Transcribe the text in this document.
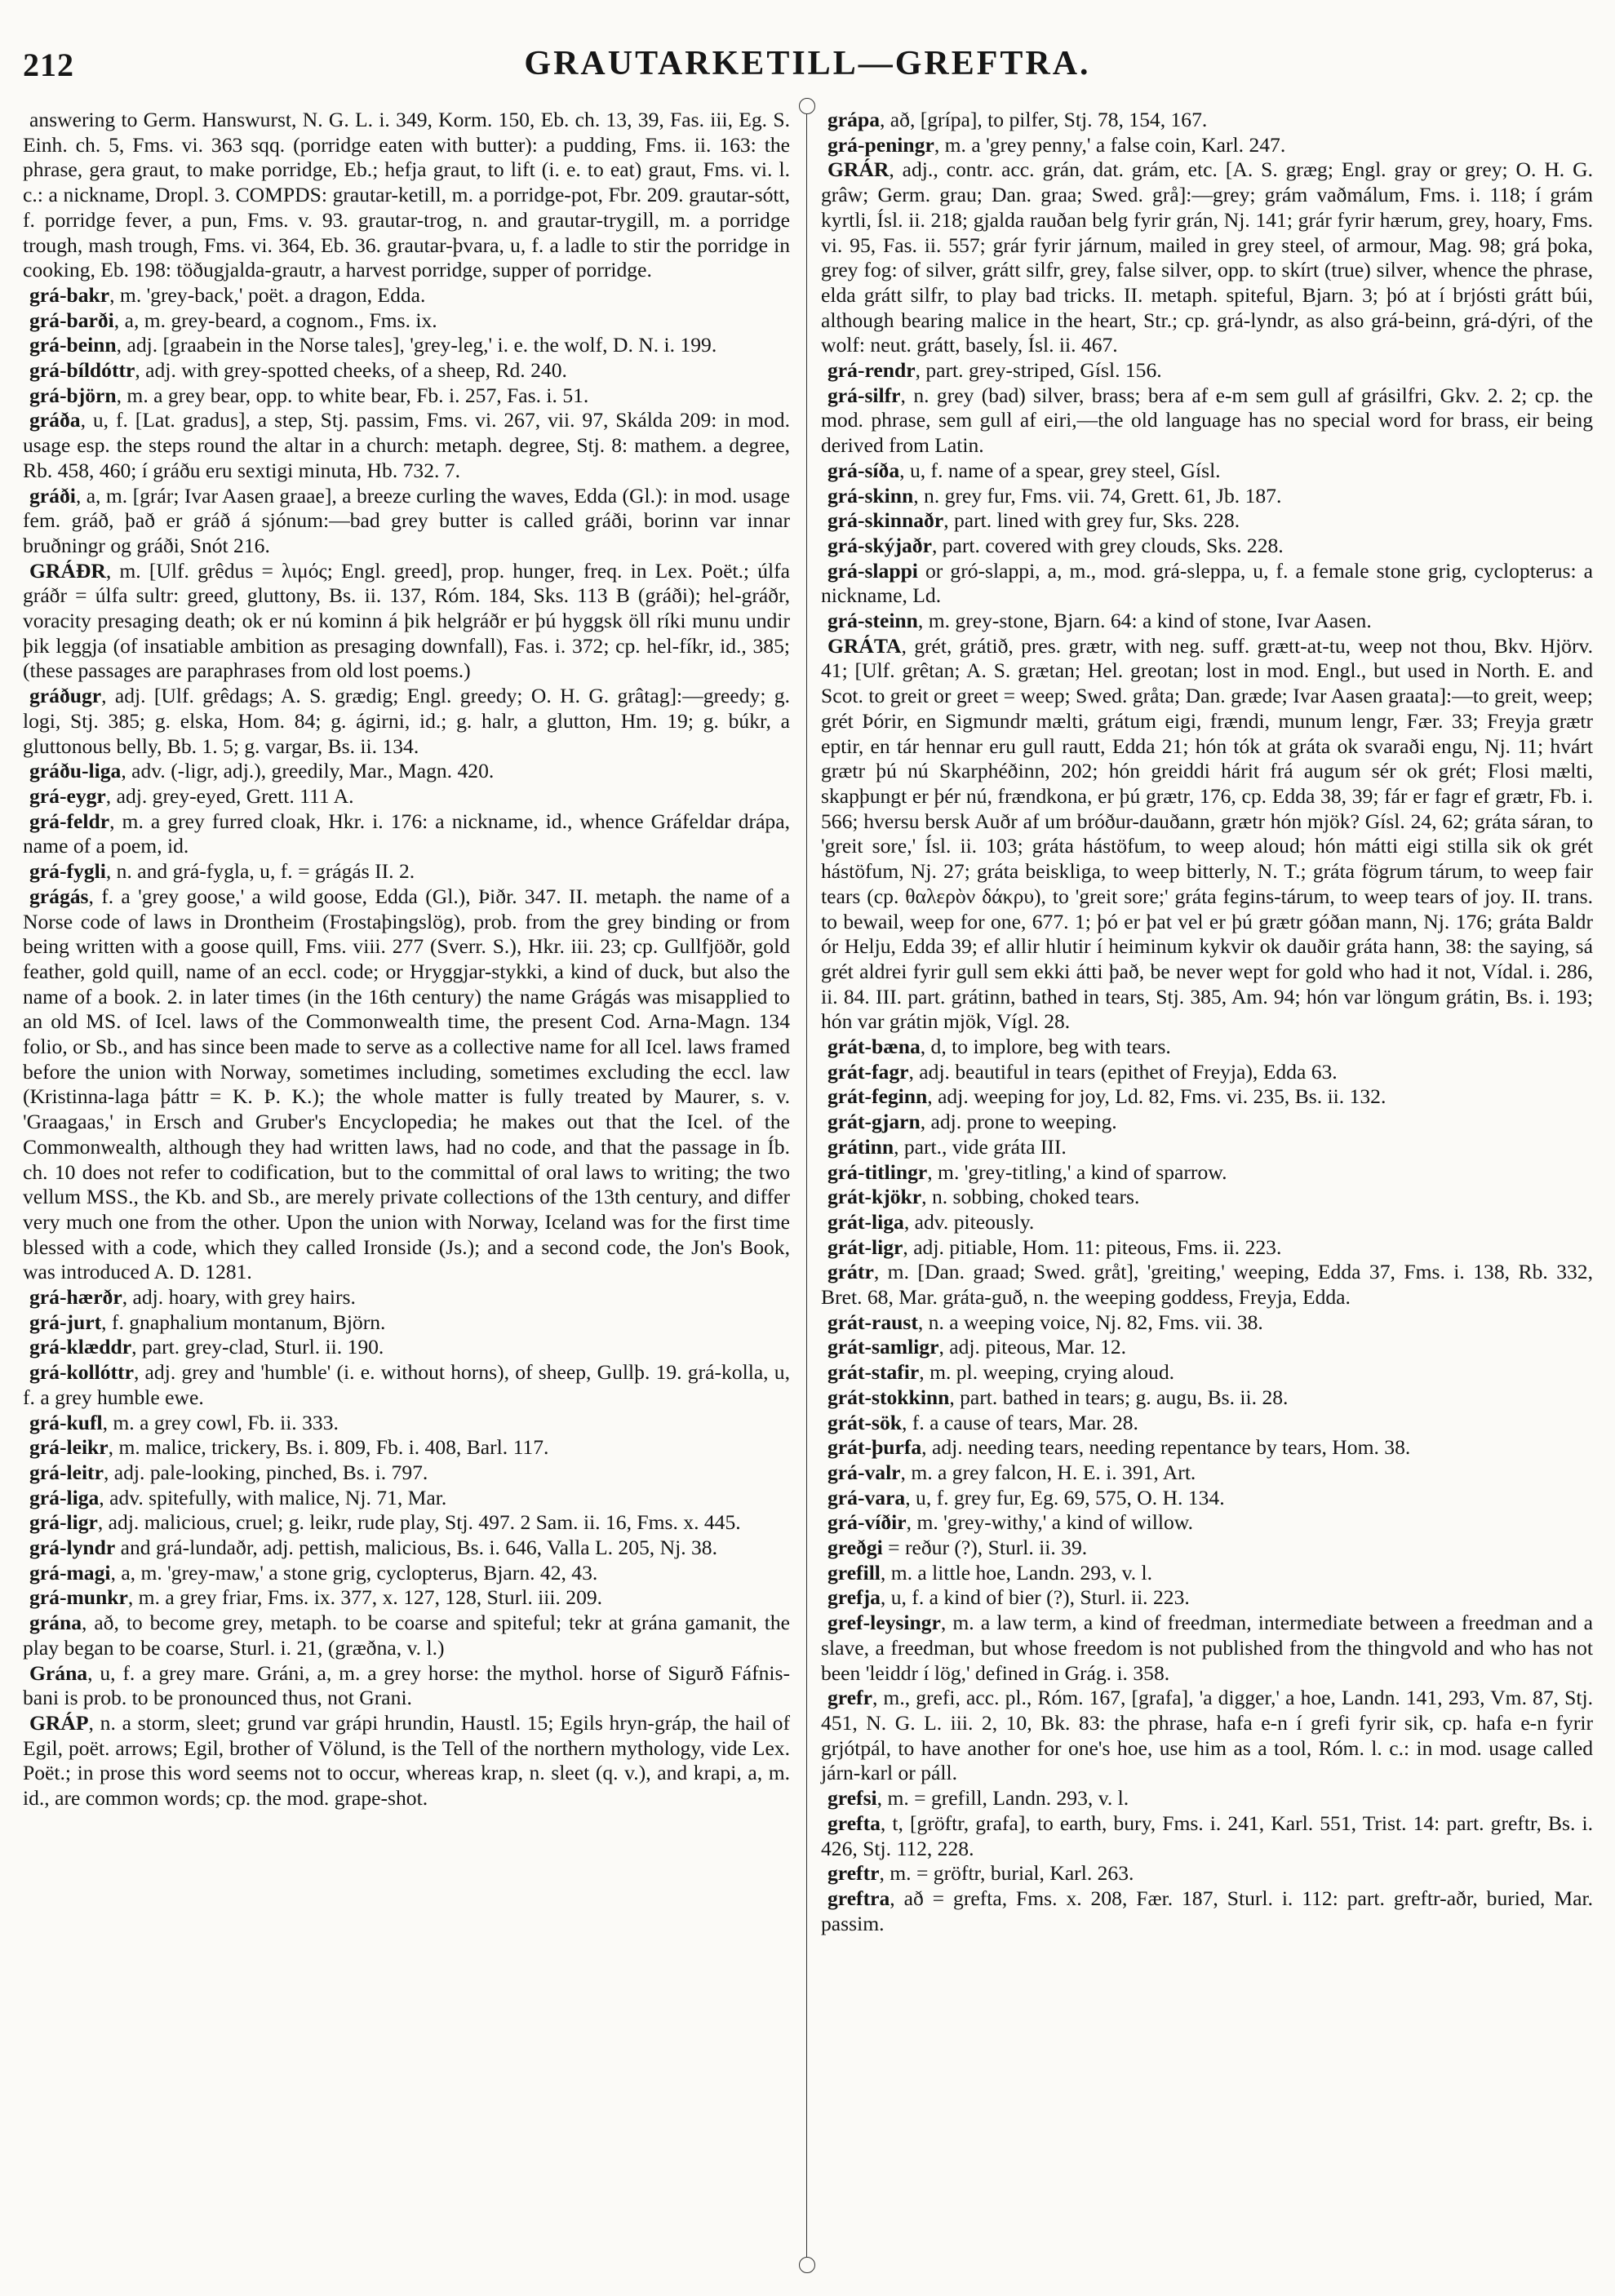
212	GRAUTARKETILL—GREFTRA.

answering to Germ. Hanswurst, N. G. L. i. 349, Korm. 150, Eb. ch. 13, 39, Fas. iii, Eg. S. Einh. ch. 5, Fms. vi. 363 sqq. (porridge eaten with butter): a pudding, Fms. ii. 163: the phrase, gera graut, to make porridge, Eb.; hefja graut, to lift (i. e. to eat) graut, Fms. vi. l. c.: a nickname, Dropl. 3. COMPDS: grautar-ketill, m. a porridge-pot, Fbr. 209. grautar-sótt, f. porridge fever, a pun, Fms. v. 93. grautar-trog, n. and grautar-trygill, m. a porridge trough, mash trough, Fms. vi. 364, Eb. 36. grautar-þvara, u, f. a ladle to stir the porridge in cooking, Eb. 198: töðugjalda-grautr, a harvest porridge, supper of porridge.

grá-bakr, m. 'grey-back,' poët. a dragon, Edda.

grá-barði, a, m. grey-beard, a cognom., Fms. ix.

grá-beinn, adj. [graabein in the Norse tales], 'grey-leg,' i. e. the wolf, D. N. i. 199.

grá-bíldóttr, adj. with grey-spotted cheeks, of a sheep, Rd. 240.

grá-björn, m. a grey bear, opp. to white bear, Fb. i. 257, Fas. i. 51.

gráða, u, f. [Lat. gradus], a step, Stj. passim, Fms. vi. 267, vii. 97, Skálda 209: in mod. usage esp. the steps round the altar in a church: metaph. degree, Stj. 8: mathem. a degree, Rb. 458, 460; í gráðu eru sextigi minuta, Hb. 732. 7.

gráði, a, m. [grár; Ivar Aasen graae], a breeze curling the waves, Edda (Gl.): in mod. usage fem. gráð, það er gráð á sjónum:—bad grey butter is called gráði, borinn var innar bruðningr og gráði, Snót 216.

GRÁÐR, m. [Ulf. grêdus = λιμός; Engl. greed], prop. hunger, freq. in Lex. Poët.; úlfa gráðr = úlfa sultr: greed, gluttony, Bs. ii. 137, Róm. 184, Sks. 113 B (gráði); hel-gráðr, voracity presaging death; ok er nú kominn á þik helgráðr er þú hyggsk öll ríki munu undir þik leggja (of insatiable ambition as presaging downfall), Fas. i. 372; cp. hel-fíkr, id., 385; (these passages are paraphrases from old lost poems.)

gráðugr, adj. [Ulf. grêdags; A. S. grædig; Engl. greedy; O. H. G. grâtag]:—greedy; g. logi, Stj. 385; g. elska, Hom. 84; g. ágirni, id.; g. halr, a glutton, Hm. 19; g. búkr, a gluttonous belly, Bb. 1. 5; g. vargar, Bs. ii. 134.

gráðu-liga, adv. (-ligr, adj.), greedily, Mar., Magn. 420.

grá-eygr, adj. grey-eyed, Grett. 111 A.

grá-feldr, m. a grey furred cloak, Hkr. i. 176: a nickname, id., whence Gráfeldar drápa, name of a poem, id.

grá-fygli, n. and grá-fygla, u, f. = grágás II. 2.

grágás, f. a 'grey goose,' a wild goose, Edda (Gl.), Þiðr. 347. II. metaph. the name of a Norse code of laws in Drontheim (Frostaþingslög), prob. from the grey binding or from being written with a goose quill, Fms. viii. 277 (Sverr. S.), Hkr. iii. 23; cp. Gullfjöðr, gold feather, gold quill, name of an eccl. code; or Hryggjar-stykki, a kind of duck, but also the name of a book. 2. in later times (in the 16th century) the name Grágás was misapplied to an old MS. of Icel. laws of the Commonwealth time, the present Cod. Arna-Magn. 134 folio, or Sb., and has since been made to serve as a collective name for all Icel. laws framed before the union with Norway, sometimes including, sometimes excluding the eccl. law (Kristinna-laga þáttr = K. Þ. K.); the whole matter is fully treated by Maurer, s. v. 'Graagaas,' in Ersch and Gruber's Encyclopedia; he makes out that the Icel. of the Commonwealth, although they had written laws, had no code, and that the passage in Íb. ch. 10 does not refer to codification, but to the committal of oral laws to writing; the two vellum MSS., the Kb. and Sb., are merely private collections of the 13th century, and differ very much one from the other. Upon the union with Norway, Iceland was for the first time blessed with a code, which they called Ironside (Js.); and a second code, the Jon's Book, was introduced A. D. 1281.

grá-hærðr, adj. hoary, with grey hairs.

grá-jurt, f. gnaphalium montanum, Björn.

grá-klæddr, part. grey-clad, Sturl. ii. 190.

grá-kollóttr, adj. grey and 'humble' (i. e. without horns), of sheep, Gullþ. 19. grá-kolla, u, f. a grey humble ewe.

grá-kufl, m. a grey cowl, Fb. ii. 333.

grá-leikr, m. malice, trickery, Bs. i. 809, Fb. i. 408, Barl. 117.

grá-leitr, adj. pale-looking, pinched, Bs. i. 797.

grá-liga, adv. spitefully, with malice, Nj. 71, Mar.

grá-ligr, adj. malicious, cruel; g. leikr, rude play, Stj. 497. 2 Sam. ii. 16, Fms. x. 445.

grá-lyndr and grá-lundaðr, adj. pettish, malicious, Bs. i. 646, Valla L. 205, Nj. 38.

grá-magi, a, m. 'grey-maw,' a stone grig, cyclopterus, Bjarn. 42, 43.

grá-munkr, m. a grey friar, Fms. ix. 377, x. 127, 128, Sturl. iii. 209.

grána, að, to become grey, metaph. to be coarse and spiteful; tekr at grána gamanit, the play began to be coarse, Sturl. i. 21, (græðna, v. l.)

Grána, u, f. a grey mare. Gráni, a, m. a grey horse: the mythol. horse of Sigurð Fáfnis-bani is prob. to be pronounced thus, not Grani.

GRÁP, n. a storm, sleet; grund var grápi hrundin, Haustl. 15; Egils hryn-gráp, the hail of Egil, poët. arrows; Egil, brother of Völund, is the Tell of the northern mythology, vide Lex. Poët.; in prose this word seems not to occur, whereas krap, n. sleet (q. v.), and krapi, a, m. id., are common words; cp. the mod. grape-shot.

grápa, að, [grípa], to pilfer, Stj. 78, 154, 167.

grá-peningr, m. a 'grey penny,' a false coin, Karl. 247.

GRÁR, adj., contr. acc. grán, dat. grám, etc. [A. S. græg; Engl. gray or grey; O. H. G. grâw; Germ. grau; Dan. graa; Swed. grå]:—grey; grám vaðmálum, Fms. i. 118; í grám kyrtli, Ísl. ii. 218; gjalda rauðan belg fyrir grán, Nj. 141; grár fyrir hærum, grey, hoary, Fms. vi. 95, Fas. ii. 557; grár fyrir járnum, mailed in grey steel, of armour, Mag. 98; grá þoka, grey fog: of silver, grátt silfr, grey, false silver, opp. to skírt (true) silver, whence the phrase, elda grátt silfr, to play bad tricks. II. metaph. spiteful, Bjarn. 3; þó at í brjósti grátt búi, although bearing malice in the heart, Str.; cp. grá-lyndr, as also grá-beinn, grá-dýri, of the wolf: neut. grátt, basely, Ísl. ii. 467.

grá-rendr, part. grey-striped, Gísl. 156.

grá-silfr, n. grey (bad) silver, brass; bera af e-m sem gull af grásilfri, Gkv. 2. 2; cp. the mod. phrase, sem gull af eiri,—the old language has no special word for brass, eir being derived from Latin.

grá-síða, u, f. name of a spear, grey steel, Gísl.

grá-skinn, n. grey fur, Fms. vii. 74, Grett. 61, Jb. 187.

grá-skinnaðr, part. lined with grey fur, Sks. 228.

grá-skýjaðr, part. covered with grey clouds, Sks. 228.

grá-slappi or gró-slappi, a, m., mod. grá-sleppa, u, f. a female stone grig, cyclopterus: a nickname, Ld.

grá-steinn, m. grey-stone, Bjarn. 64: a kind of stone, Ivar Aasen.

GRÁTA, grét, grátið, pres. grætr, with neg. suff. grætt-at-tu, weep not thou, Bkv. Hjörv. 41; [Ulf. grêtan; A. S. grætan; Hel. greotan; lost in mod. Engl., but used in North. E. and Scot. to greit or greet = weep; Swed. gråta; Dan. græde; Ivar Aasen graata]:—to greit, weep; grét Þórir, en Sigmundr mælti, grátum eigi, frændi, munum lengr, Fær. 33; Freyja grætr eptir, en tár hennar eru gull rautt, Edda 21; hón tók at gráta ok svaraði engu, Nj. 11; hvárt grætr þú nú Skarphéðinn, 202; hón greiddi hárit frá augum sér ok grét; Flosi mælti, skapþungt er þér nú, frændkona, er þú grætr, 176, cp. Edda 38, 39; fár er fagr ef grætr, Fb. i. 566; hversu bersk Auðr af um bróður-dauðann, grætr hón mjök? Gísl. 24, 62; gráta sáran, to 'greit sore,' Ísl. ii. 103; gráta hástöfum, to weep aloud; hón mátti eigi stilla sik ok grét hástöfum, Nj. 27; gráta beiskliga, to weep bitterly, N. T.; gráta fögrum tárum, to weep fair tears (cp. θαλερὸν δάκρυ), to 'greit sore;' gráta fegins-tárum, to weep tears of joy. II. trans. to bewail, weep for one, 677. 1; þó er þat vel er þú grætr góðan mann, Nj. 176; gráta Baldr ór Helju, Edda 39; ef allir hlutir í heiminum kykvir ok dauðir gráta hann, 38: the saying, sá grét aldrei fyrir gull sem ekki átti það, be never wept for gold who had it not, Vídal. i. 286, ii. 84. III. part. grátinn, bathed in tears, Stj. 385, Am. 94; hón var löngum grátin, Bs. i. 193; hón var grátin mjök, Vígl. 28.

grát-bæna, d, to implore, beg with tears.

grát-fagr, adj. beautiful in tears (epithet of Freyja), Edda 63.

grát-feginn, adj. weeping for joy, Ld. 82, Fms. vi. 235, Bs. ii. 132.

grát-gjarn, adj. prone to weeping.

grátinn, part., vide gráta III.

grá-titlingr, m. 'grey-titling,' a kind of sparrow.

grát-kjökr, n. sobbing, choked tears.

grát-liga, adv. piteously.

grát-ligr, adj. pitiable, Hom. 11: piteous, Fms. ii. 223.

grátr, m. [Dan. graad; Swed. gråt], 'greiting,' weeping, Edda 37, Fms. i. 138, Rb. 332, Bret. 68, Mar. gráta-guð, n. the weeping goddess, Freyja, Edda.

grát-raust, n. a weeping voice, Nj. 82, Fms. vii. 38.

grát-samligr, adj. piteous, Mar. 12.

grát-stafir, m. pl. weeping, crying aloud.

grát-stokkinn, part. bathed in tears; g. augu, Bs. ii. 28.

grát-sök, f. a cause of tears, Mar. 28.

grát-þurfa, adj. needing tears, needing repentance by tears, Hom. 38.

grá-valr, m. a grey falcon, H. E. i. 391, Art.

grá-vara, u, f. grey fur, Eg. 69, 575, O. H. 134.

grá-víðir, m. 'grey-withy,' a kind of willow.

greðgi = reður (?), Sturl. ii. 39.

grefill, m. a little hoe, Landn. 293, v. l.

grefja, u, f. a kind of bier (?), Sturl. ii. 223.

gref-leysingr, m. a law term, a kind of freedman, intermediate between a freedman and a slave, a freedman, but whose freedom is not published from the thingvold and who has not been 'leiddr í lög,' defined in Grág. i. 358.

grefr, m., grefi, acc. pl., Róm. 167, [grafa], 'a digger,' a hoe, Landn. 141, 293, Vm. 87, Stj. 451, N. G. L. iii. 2, 10, Bk. 83: the phrase, hafa e-n í grefi fyrir sik, cp. hafa e-n fyrir grjótpál, to have another for one's hoe, use him as a tool, Róm. l. c.: in mod. usage called járn-karl or páll.

grefsi, m. = grefill, Landn. 293, v. l.

grefta, t, [gröftr, grafa], to earth, bury, Fms. i. 241, Karl. 551, Trist. 14: part. greftr, Bs. i. 426, Stj. 112, 228.

greftr, m. = gröftr, burial, Karl. 263.

greftra, að = grefta, Fms. x. 208, Fær. 187, Sturl. i. 112: part. greftr-aðr, buried, Mar. passim.
